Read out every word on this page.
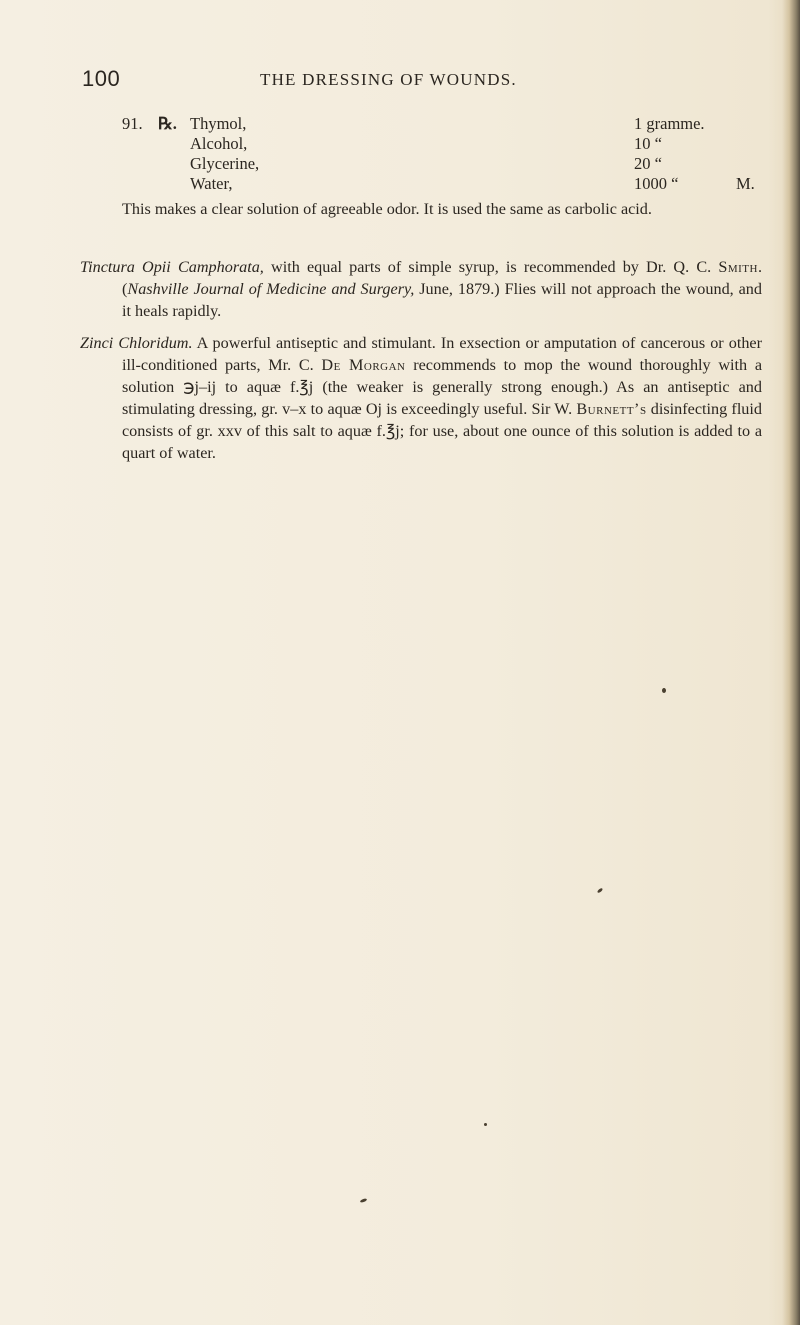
100	THE DRESSING OF WOUNDS.
91. ℞. Thymol,	1 gramme.
Alcohol,	10 “
Glycerine,	20 “
Water,	1000 “	M.

This makes a clear solution of agreeable odor. It is used the same as carbolic acid.

Tinctura Opii Camphorata, with equal parts of simple syrup, is recommended by Dr. Q. C. Smith. (Nashville Journal of Medicine and Surgery, June, 1879.) Flies will not approach the wound, and it heals rapidly.

Zinci Chloridum. A powerful antiseptic and stimulant. In exsection or amputation of cancerous or other ill-conditioned parts, Mr. C. De Morgan recommends to mop the wound thoroughly with a solution ℈j–ij to aquæ f.℥j (the weaker is generally strong enough.) As an antiseptic and stimulating dressing, gr. v–x to aquæ Oj is exceedingly useful. Sir W. Burnett’s disinfecting fluid consists of gr. xxv of this salt to aquæ f.℥j; for use, about one ounce of this solution is added to a quart of water.
